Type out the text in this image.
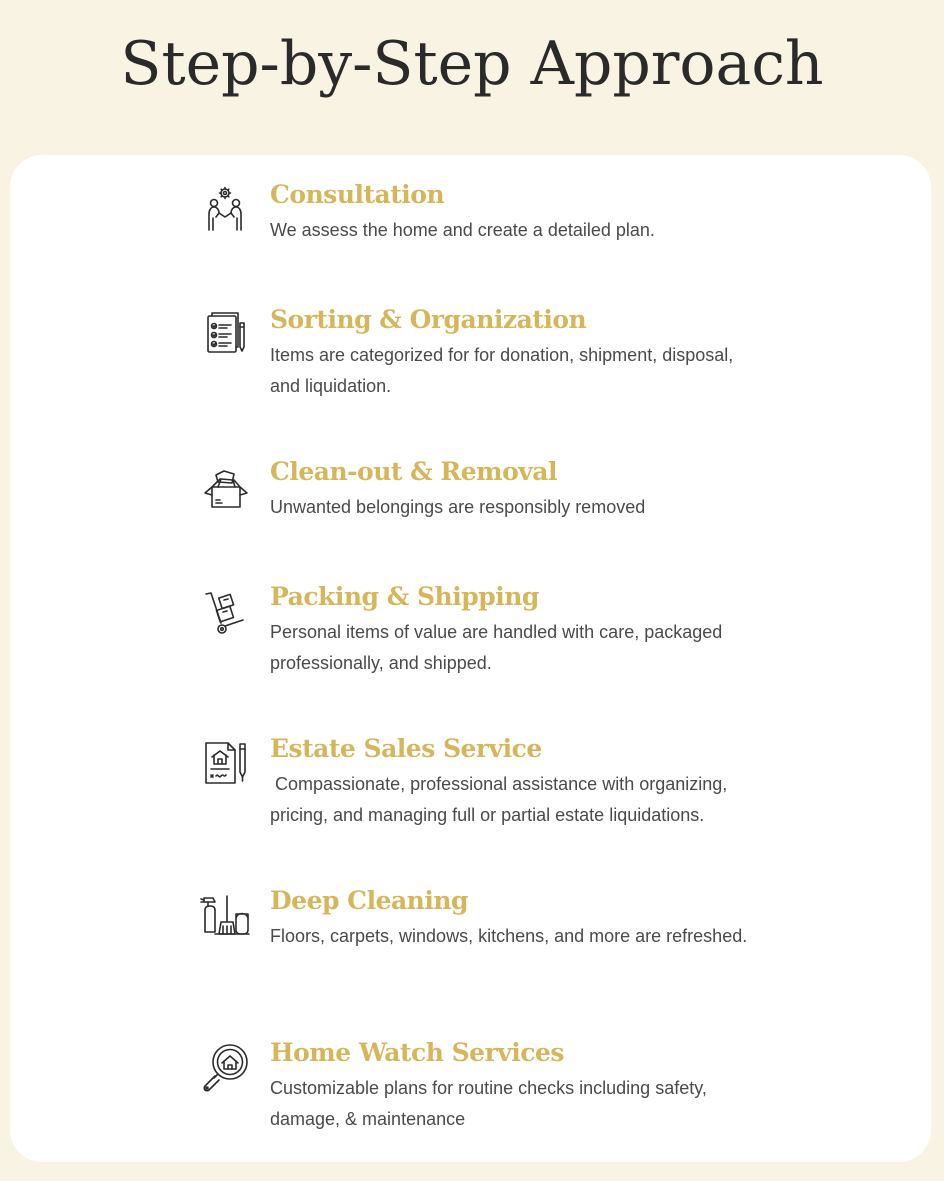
Step-by-Step Approach
Consultation

We assess the home and create a detailed plan.

Sorting & Organization

Items are categorized for for donation, shipment, disposal, and liquidation.

Clean-out & Removal

Unwanted belongings are responsibly removed

Packing & Shipping

Personal items of value are handled with care, packaged professionally, and shipped.

Estate Sales Service

Compassionate, professional assistance with organizing, pricing, and managing full or partial estate liquidations.

Deep Cleaning

Floors, carpets, windows, kitchens, and more are refreshed.

Home Watch Services

Customizable plans for routine checks including safety, damage, & maintenance
